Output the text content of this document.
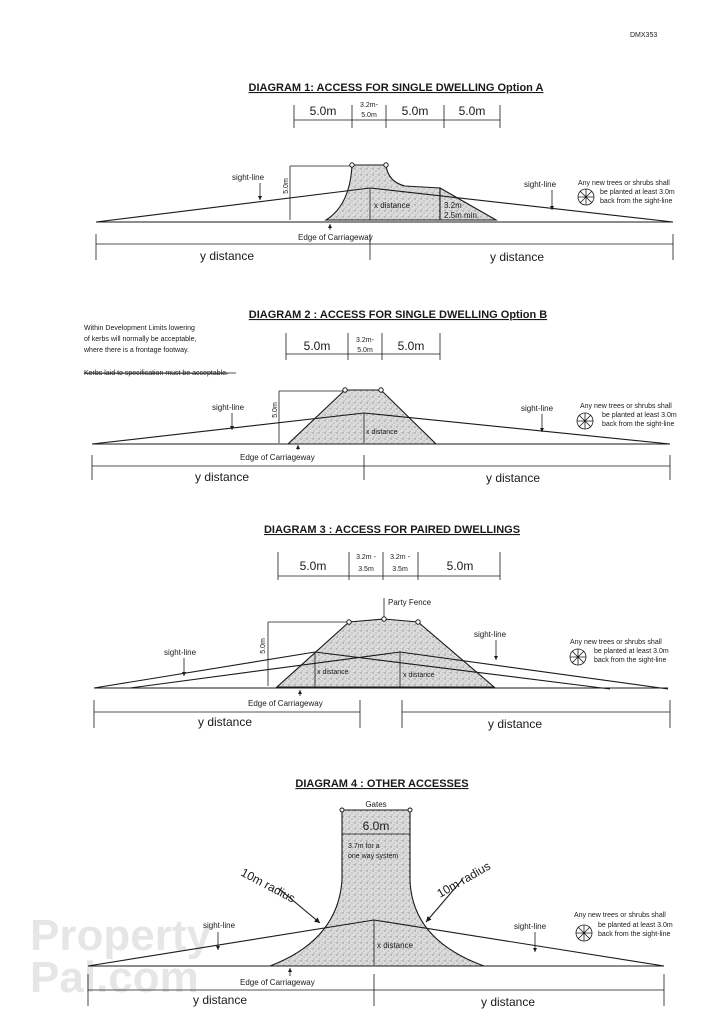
Property
Pal.com
DMX353
DIAGRAM 1: ACCESS FOR SINGLE DWELLING Option A
5.0m	3.2m-
5.0m 5.0m	5.0m
x distance
5.0m
3.2m
2.5m min.
sight-line
sight-line	Any new trees or shrubs shall
be planted at least 3.0m
back from the sight-line
Edge of Carriageway
y distance	y distance
DIAGRAM 2 : ACCESS FOR SINGLE DWELLING Option B
Within Development Limits lowering
of kerbs will normally be acceptable,
where there is a frontage footway.
Kerbs laid to specification must be acceptable.
5.0m	3.2m-
5.0m 5.0m
x distance
5.0m
sight-line	sight-line	Any new trees or shrubs shall
be planted at least 3.0m
back from the sight-line
Edge of Carriageway
y distance	y distance
DIAGRAM 3 : ACCESS FOR PAIRED DWELLINGS
5.0m
3.2m -
3.5m
3.2m -
3.5m	5.0m
Party Fence
x distance	x distance
5.0m
sight-line
sight-line
Any new trees or shrubs shall
be planted at least 3.0m
back from the sight-line
Edge of Carriageway
y distance	y distance
DIAGRAM 4 : OTHER ACCESSES
Gates
6.0m
3.7m for a
one way system
x distance
10m radius	10m radius
sight-line	sight-line
Any new trees or shrubs shall
be planted at least 3.0m
back from the sight-line
Edge of Carriageway
y distance	y distance
